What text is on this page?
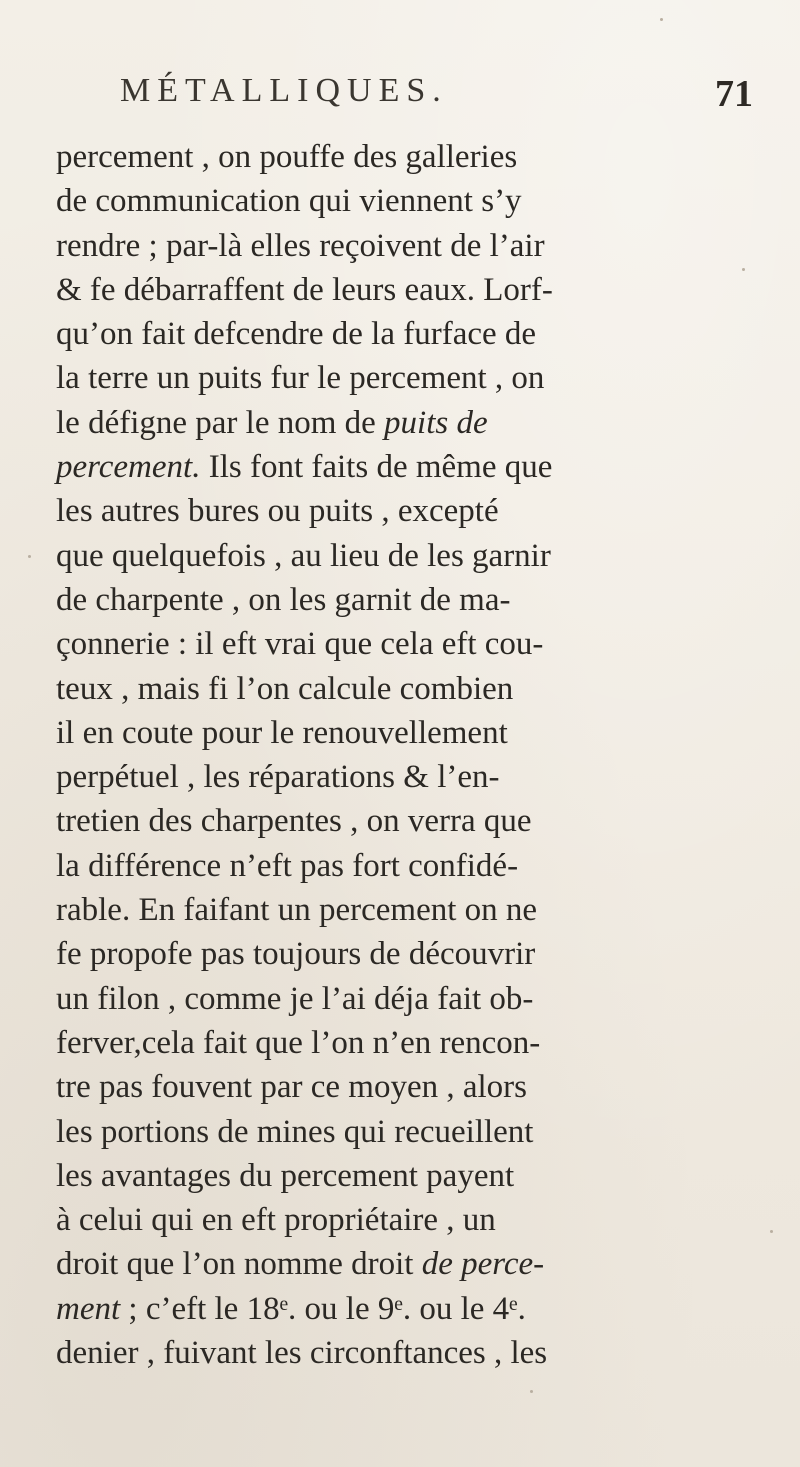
MÉTALLIQUES.	71
percement , on pouffe des galleries
de communication qui viennent s’y
rendre ; par-là elles reçoivent de l’air
& fe débarraffent de leurs eaux. Lorf-
qu’on fait defcendre de la furface de
la terre un puits fur le percement , on
le défigne par le nom de puits de
percement. Ils font faits de même que
les autres bures ou puits , excepté
que quelquefois , au lieu de les garnir
de charpente , on les garnit de ma-
çonnerie : il eft vrai que cela eft cou-
teux , mais fi l’on calcule combien
il en coute pour le renouvellement
perpétuel , les réparations & l’en-
tretien des charpentes , on verra que
la différence n’eft pas fort confidé-
rable. En faifant un percement on ne
fe propofe pas toujours de découvrir
un filon , comme je l’ai déja fait ob-
ferver,cela fait que l’on n’en rencon-
tre pas fouvent par ce moyen , alors
les portions de mines qui recueillent
les avantages du percement payent
à celui qui en eft propriétaire , un
droit que l’on nomme droit de perce-
ment ; c’eft le 18ᵉ. ou le 9ᵉ. ou le 4ᵉ.
denier , fuivant les circonftances , les
